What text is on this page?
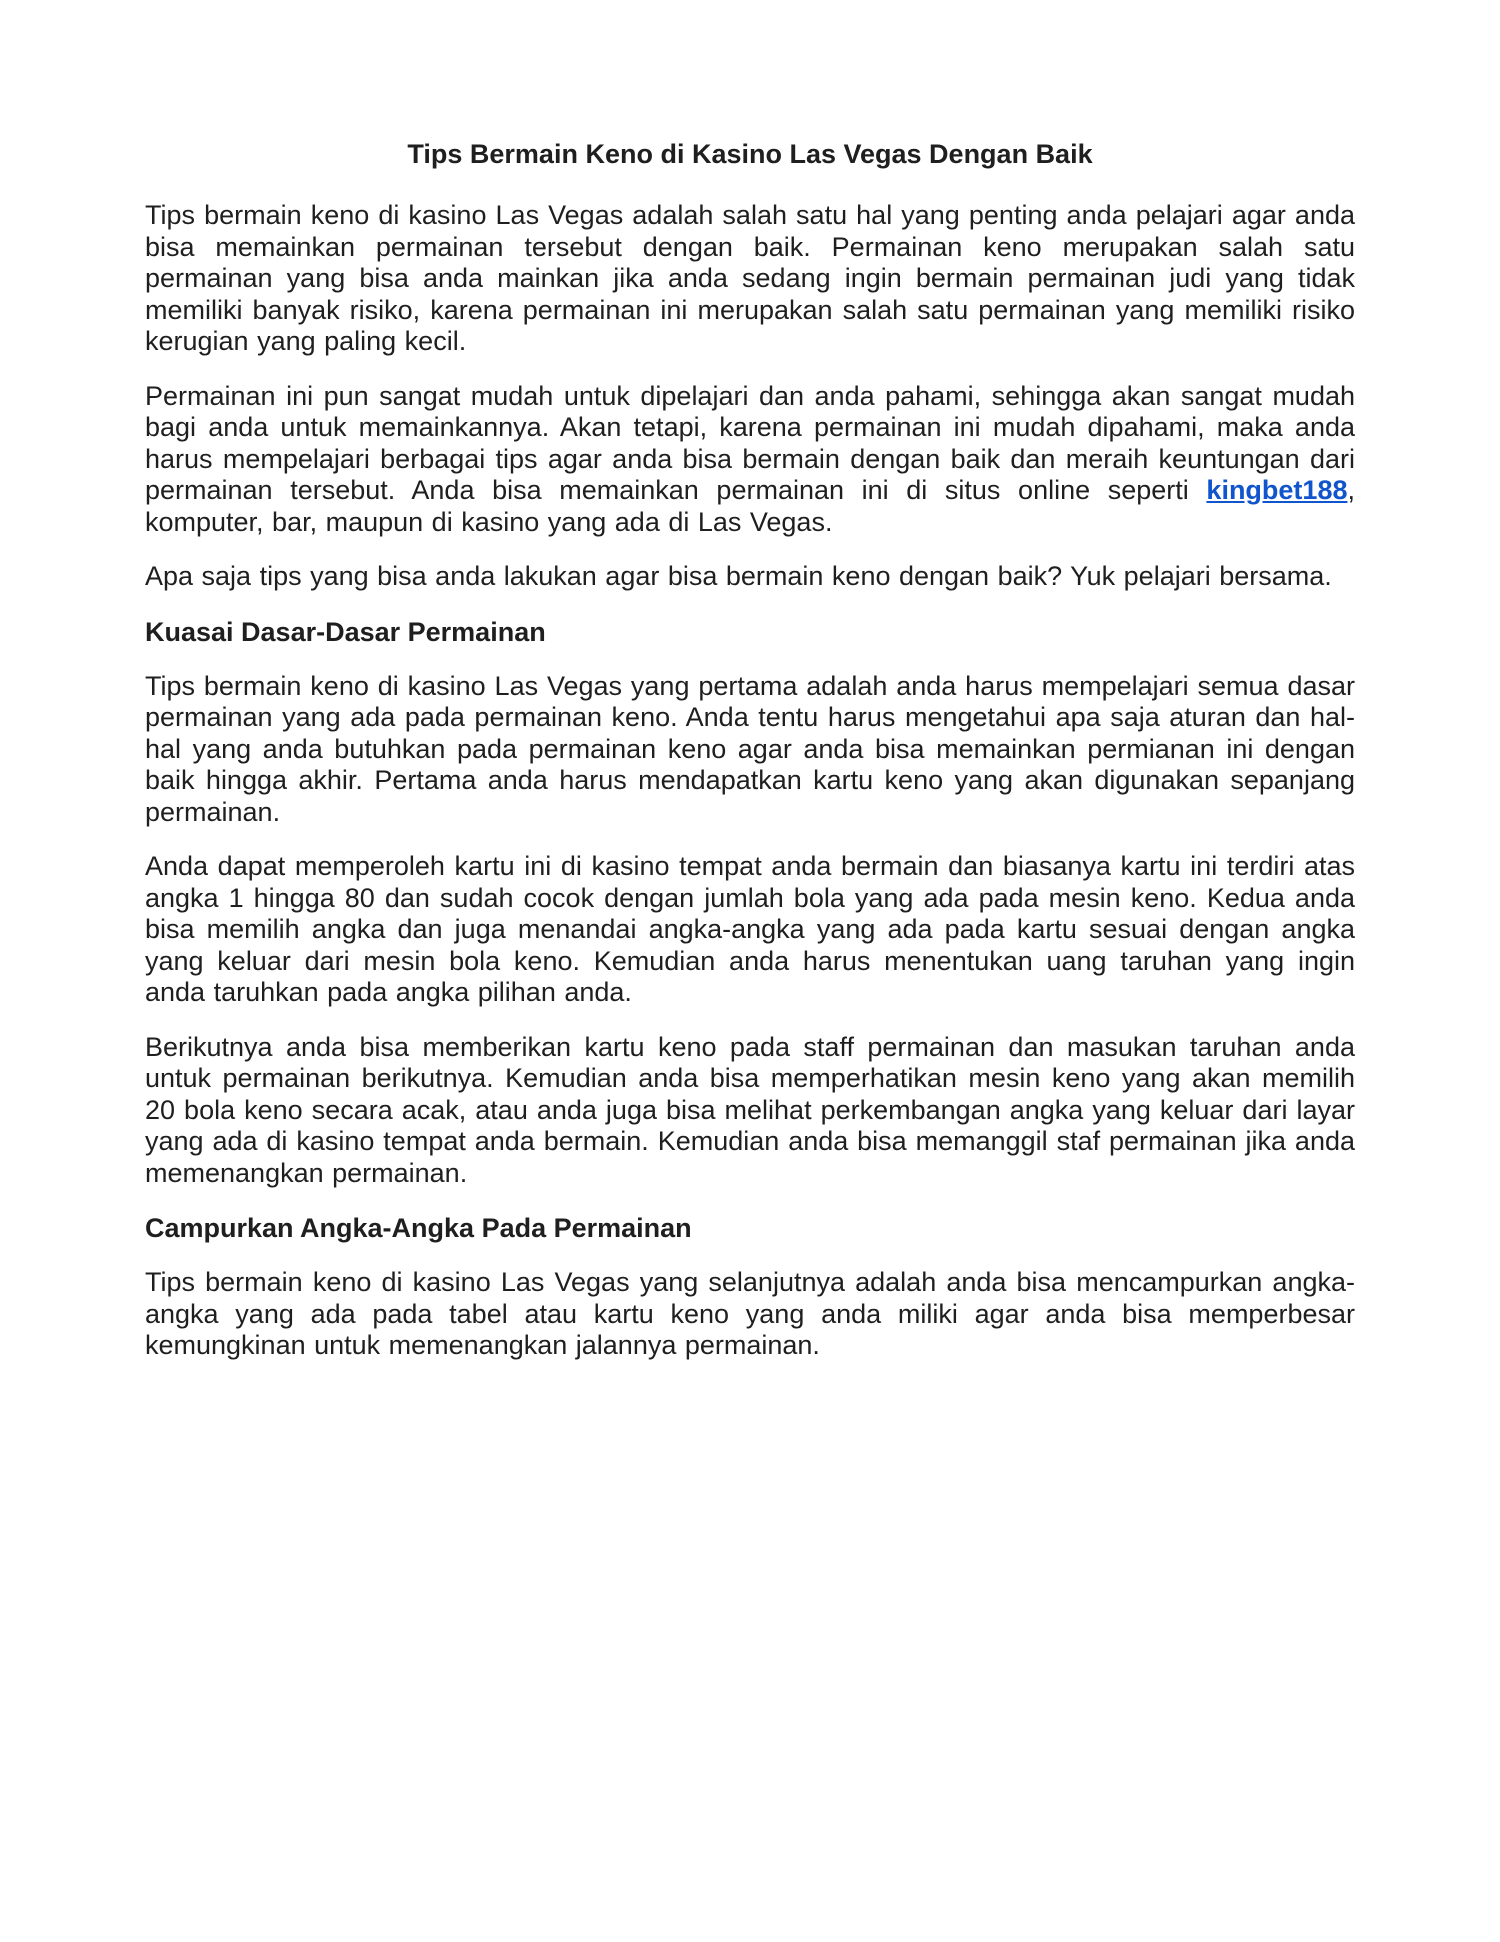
Tips Bermain Keno di Kasino Las Vegas Dengan Baik

Tips bermain keno di kasino Las Vegas adalah salah satu hal yang penting anda pelajari agar anda bisa memainkan permainan tersebut dengan baik. Permainan keno merupakan salah satu permainan yang bisa anda mainkan jika anda sedang ingin bermain permainan judi yang tidak memiliki banyak risiko, karena permainan ini merupakan salah satu permainan yang memiliki risiko kerugian yang paling kecil.

Permainan ini pun sangat mudah untuk dipelajari dan anda pahami, sehingga akan sangat mudah bagi anda untuk memainkannya. Akan tetapi, karena permainan ini mudah dipahami, maka anda harus mempelajari berbagai tips agar anda bisa bermain dengan baik dan meraih keuntungan dari permainan tersebut. Anda bisa memainkan permainan ini di situs online seperti kingbet188, komputer, bar, maupun di kasino yang ada di Las Vegas.

Apa saja tips yang bisa anda lakukan agar bisa bermain keno dengan baik? Yuk pelajari bersama.

Kuasai Dasar-Dasar Permainan

Tips bermain keno di kasino Las Vegas yang pertama adalah anda harus mempelajari semua dasar permainan yang ada pada permainan keno. Anda tentu harus mengetahui apa saja aturan dan hal-hal yang anda butuhkan pada permainan keno agar anda bisa memainkan permianan ini dengan baik hingga akhir. Pertama anda harus mendapatkan kartu keno yang akan digunakan sepanjang permainan.

Anda dapat memperoleh kartu ini di kasino tempat anda bermain dan biasanya kartu ini terdiri atas angka 1 hingga 80 dan sudah cocok dengan jumlah bola yang ada pada mesin keno. Kedua anda bisa memilih angka dan juga menandai angka-angka yang ada pada kartu sesuai dengan angka yang keluar dari mesin bola keno. Kemudian anda harus menentukan uang taruhan yang ingin anda taruhkan pada angka pilihan anda.

Berikutnya anda bisa memberikan kartu keno pada staff permainan dan masukan taruhan anda untuk permainan berikutnya. Kemudian anda bisa memperhatikan mesin keno yang akan memilih 20 bola keno secara acak, atau anda juga bisa melihat perkembangan angka yang keluar dari layar yang ada di kasino tempat anda bermain. Kemudian anda bisa memanggil staf permainan jika anda memenangkan permainan.

Campurkan Angka-Angka Pada Permainan

Tips bermain keno di kasino Las Vegas yang selanjutnya adalah anda bisa mencampurkan angka-angka yang ada pada tabel atau kartu keno yang anda miliki agar anda bisa memperbesar kemungkinan untuk memenangkan jalannya permainan.
